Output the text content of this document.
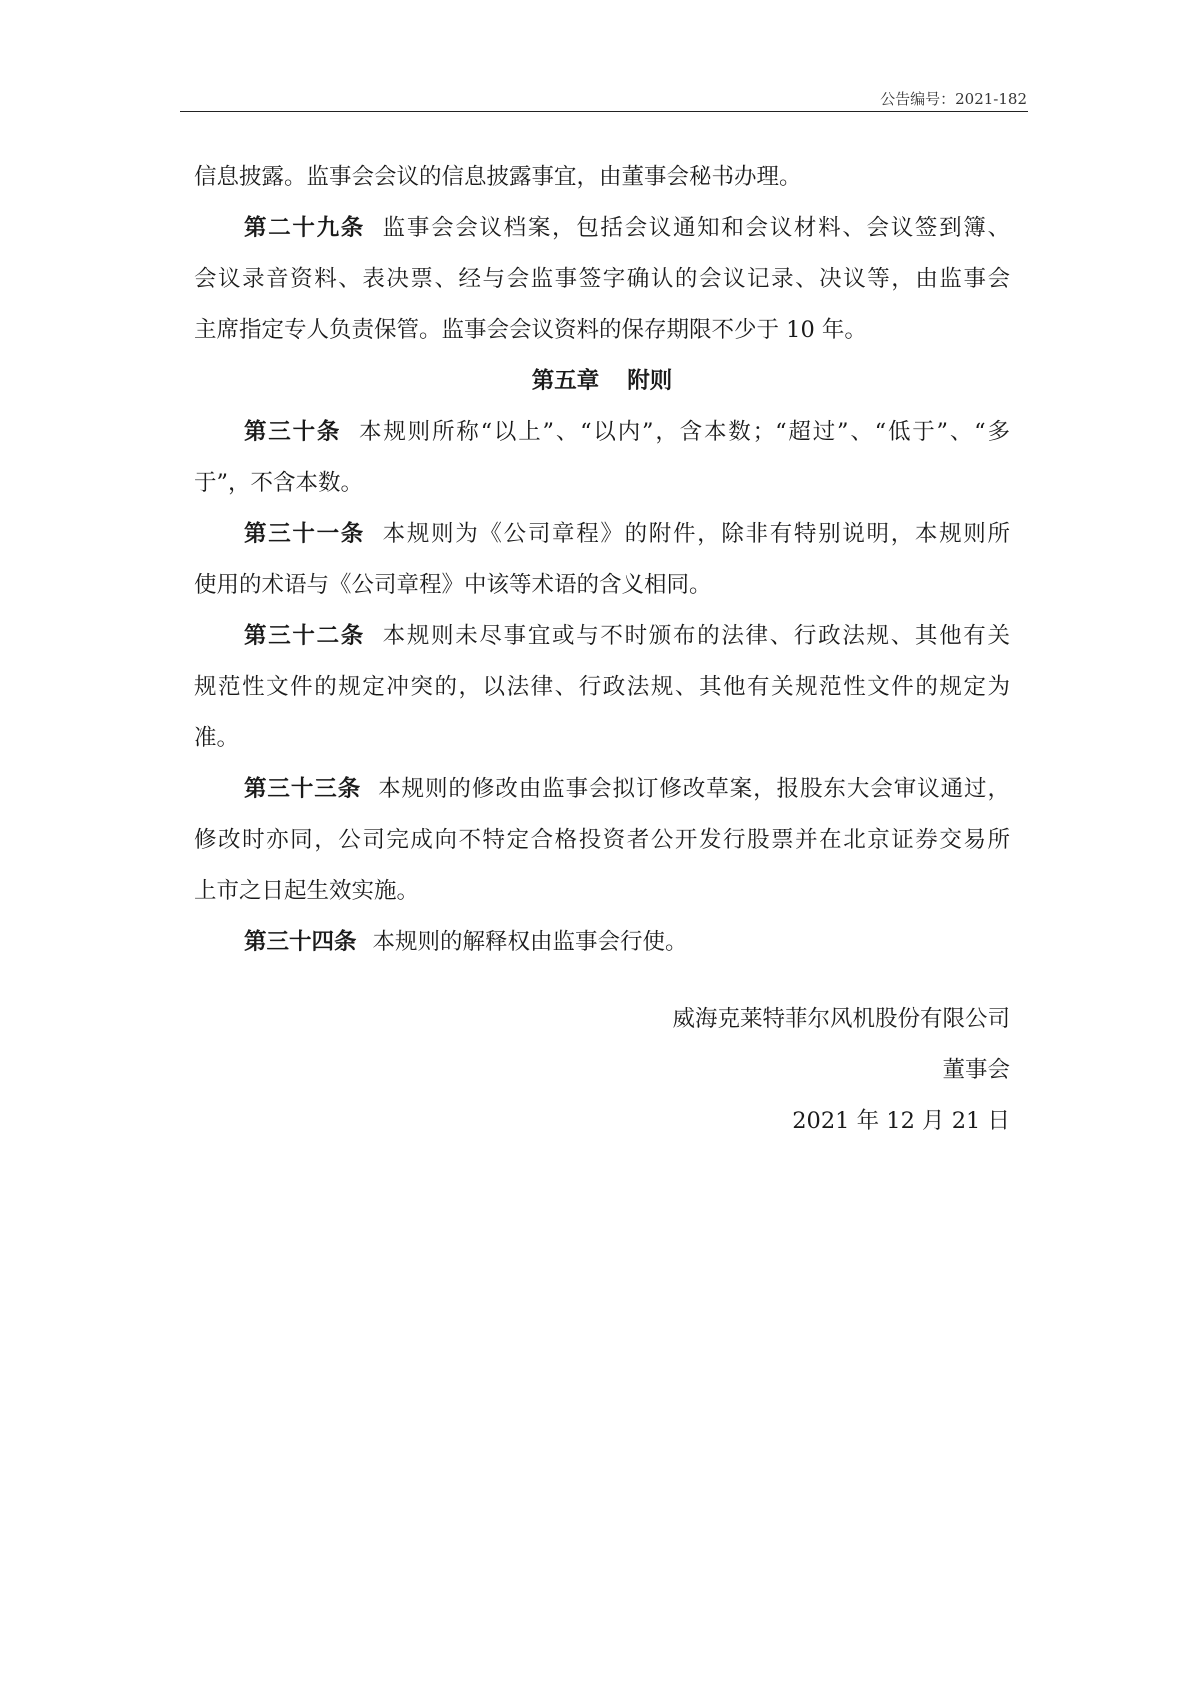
公告编号：2021-182
信息披露。监事会会议的信息披露事宜，由董事会秘书办理。
第二十九条 监事会会议档案，包括会议通知和会议材料、会议签到簿、
会议录音资料、表决票、经与会监事签字确认的会议记录、决议等，由监事会
主席指定专人负责保管。监事会会议资料的保存期限不少于 10 年。
第五章 附则
第三十条 本规则所称“以上”、“以内”，含本数；“超过”、“低于”、“多
于”，不含本数。
第三十一条 本规则为《公司章程》的附件，除非有特别说明，本规则所
使用的术语与《公司章程》中该等术语的含义相同。
第三十二条 本规则未尽事宜或与不时颁布的法律、行政法规、其他有关
规范性文件的规定冲突的，以法律、行政法规、其他有关规范性文件的规定为
准。
第三十三条 本规则的修改由监事会拟订修改草案，报股东大会审议通过，
修改时亦同，公司完成向不特定合格投资者公开发行股票并在北京证券交易所
上市之日起生效实施。
第三十四条 本规则的解释权由监事会行使。
威海克莱特菲尔风机股份有限公司
董事会
2021 年 12 月 21 日
